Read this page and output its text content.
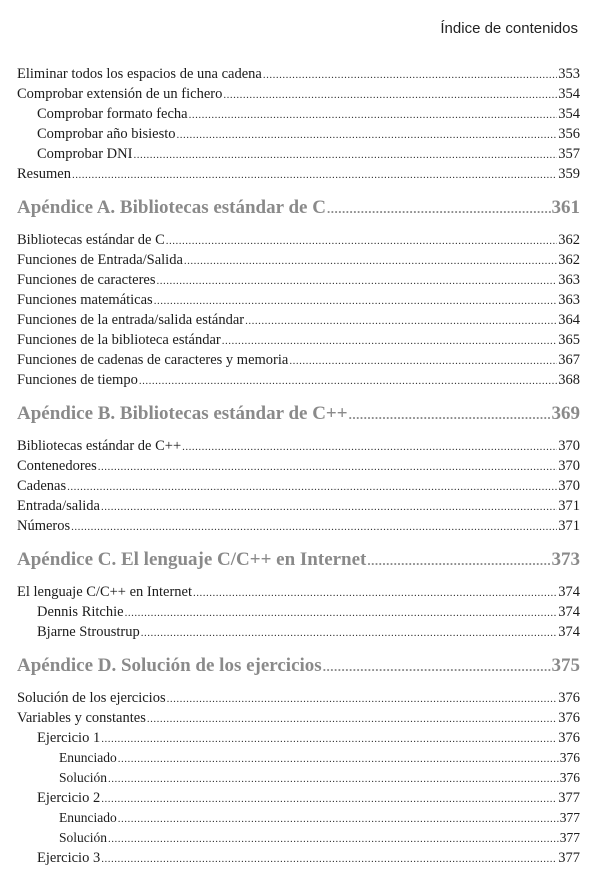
Índice de contenidos
Eliminar todos los espacios de una cadena .....	353
Comprobar extensión de un fichero .....	354
Comprobar formato fecha .....	354
Comprobar año bisiesto .....	356
Comprobar DNI .....	357
Resumen .....	359
Apéndice A. Bibliotecas estándar de C .....	361
Bibliotecas estándar de C .....	362
Funciones de Entrada/Salida .....	362
Funciones de caracteres .....	363
Funciones matemáticas .....	363
Funciones de la entrada/salida estándar .....	364
Funciones de la biblioteca estándar .....	365
Funciones de cadenas de caracteres y memoria .....	367
Funciones de tiempo .....	368
Apéndice B. Bibliotecas estándar de C++ .....	369
Bibliotecas estándar de C++ .....	370
Contenedores .....	370
Cadenas .....	370
Entrada/salida .....	371
Números .....	371
Apéndice C. El lenguaje C/C++ en Internet .....	373
El lenguaje C/C++ en Internet .....	374
Dennis Ritchie .....	374
Bjarne Stroustrup .....	374
Apéndice D. Solución de los ejercicios .....	375
Solución de los ejercicios .....	376
Variables y constantes .....	376
Ejercicio 1 .....	376
Enunciado .....	376
Solución .....	376
Ejercicio 2 .....	377
Enunciado .....	377
Solución .....	377
Ejercicio 3 .....	377
